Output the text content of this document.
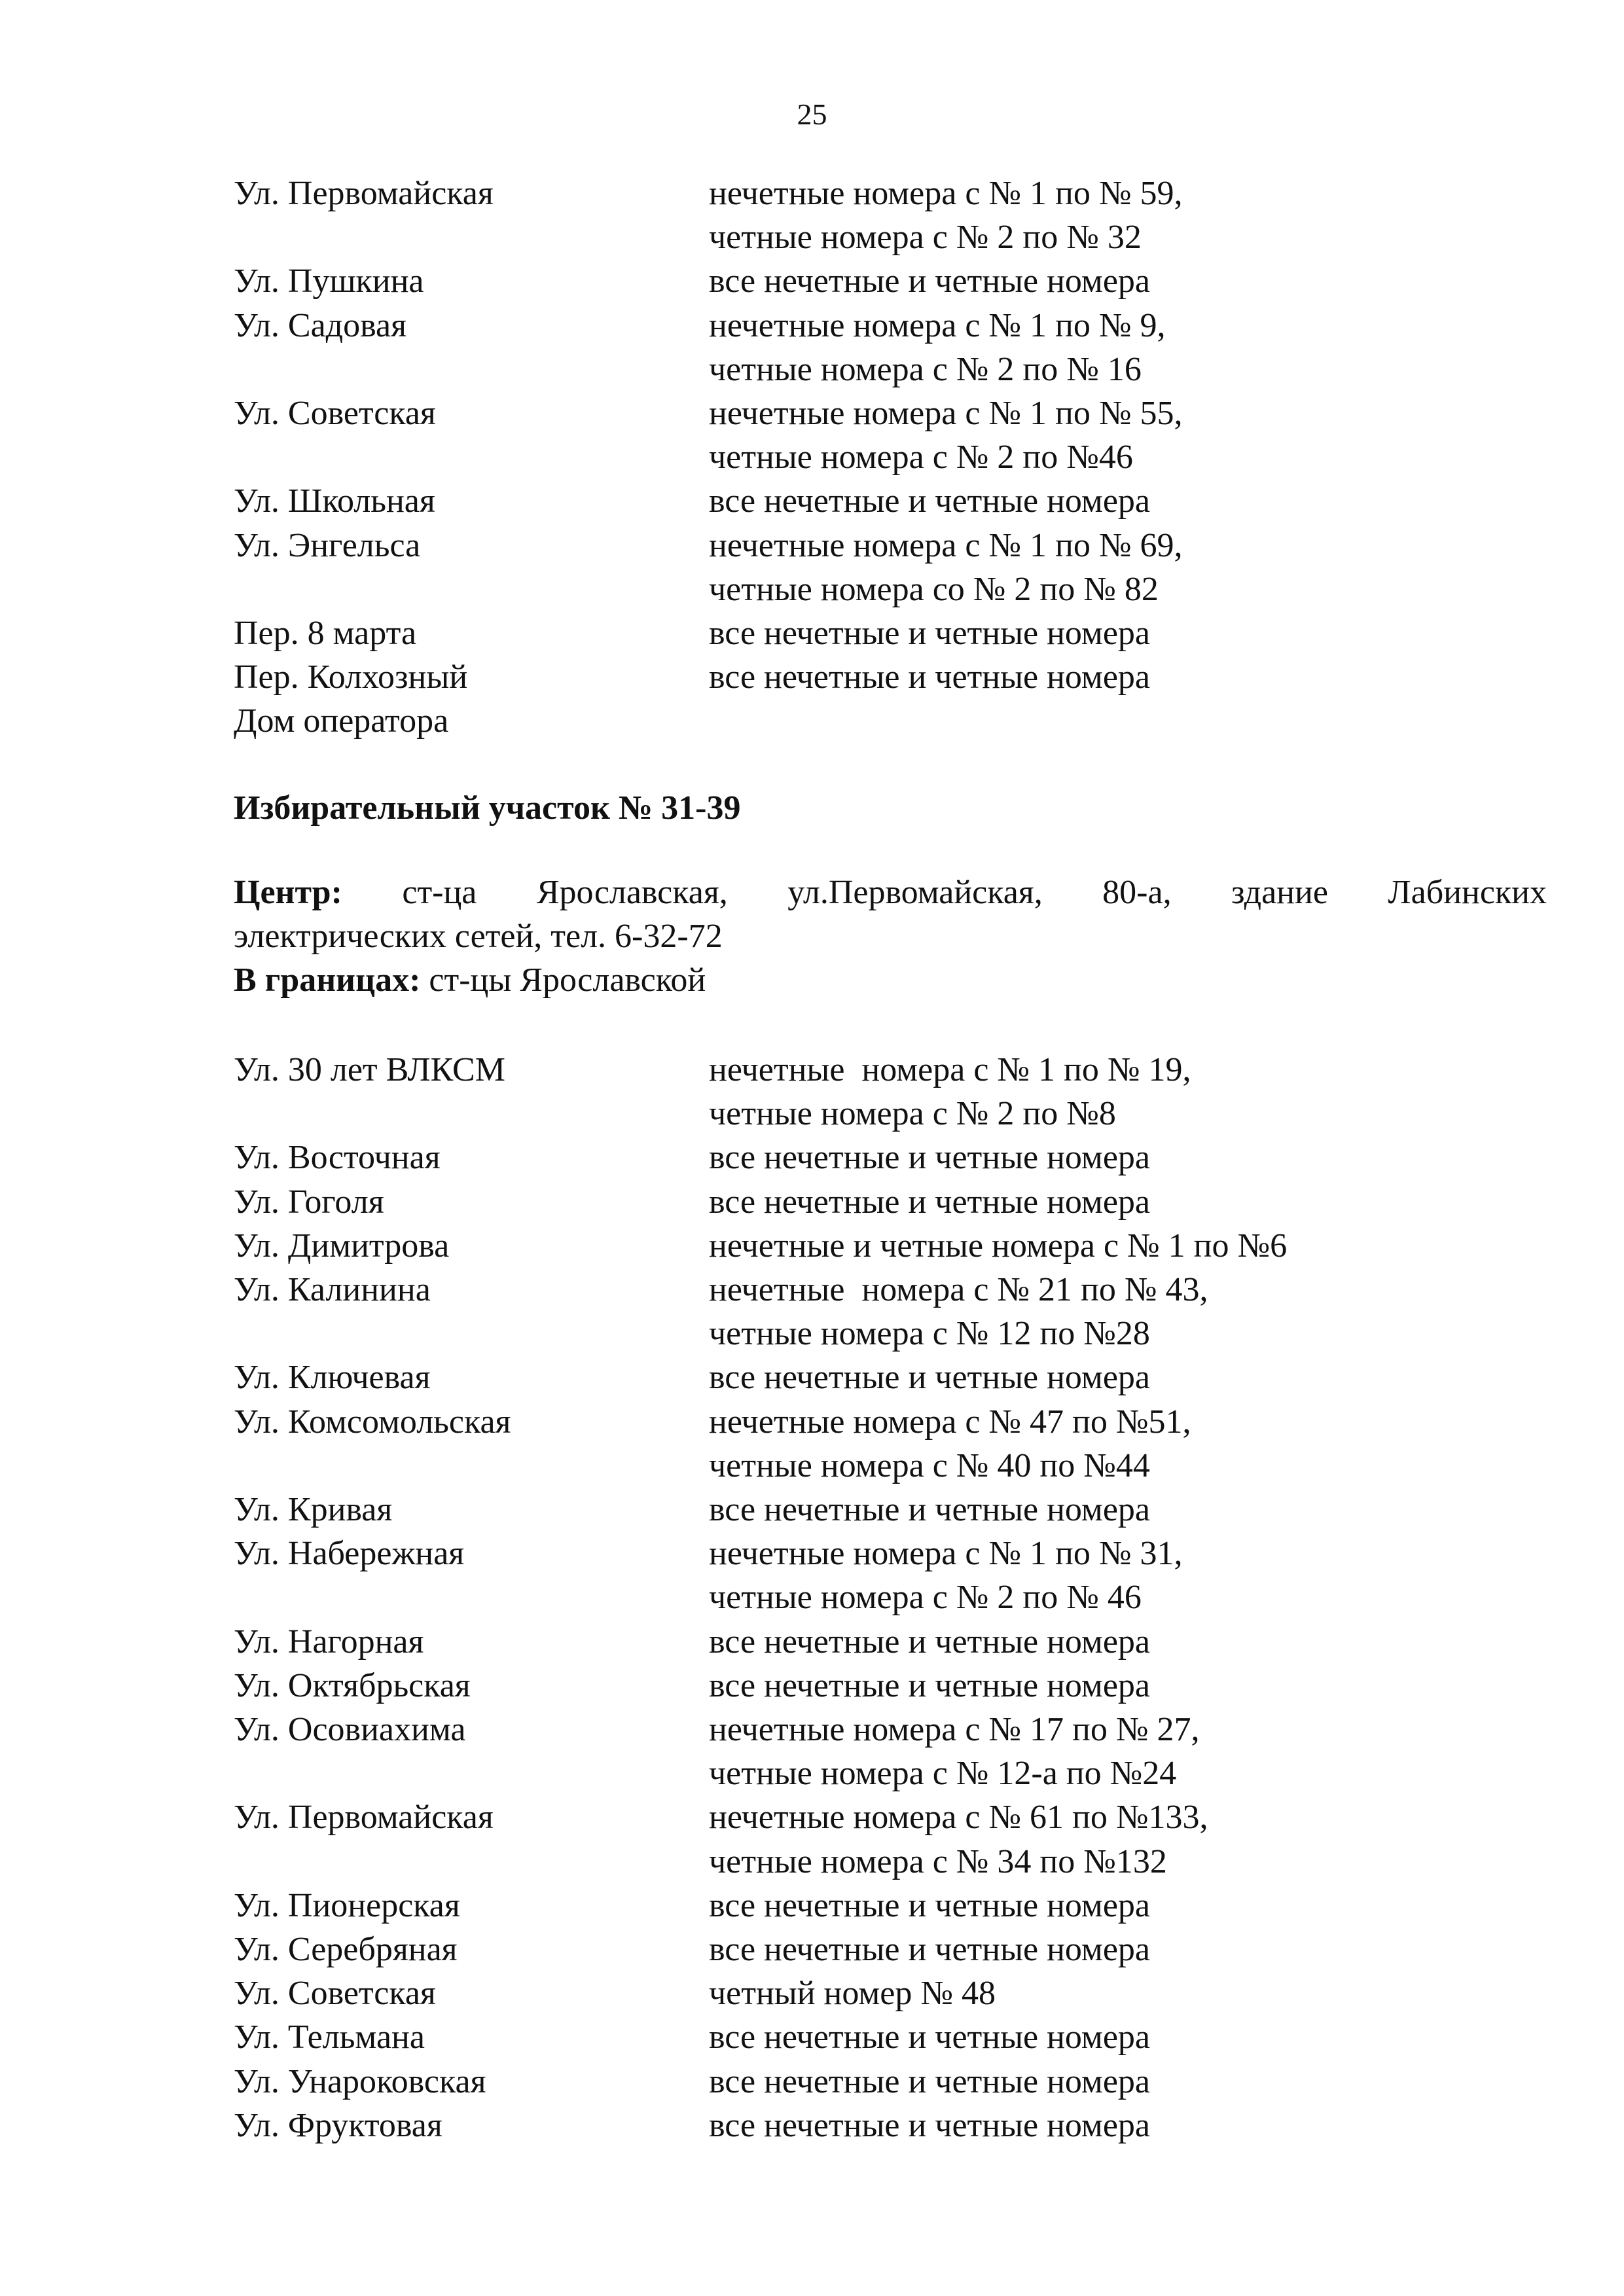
25
Ул. Первомайская	нечетные номера с № 1 по № 59,
четные номера с № 2 по № 32
Ул. Пушкина	все нечетные и четные номера
Ул. Садовая	нечетные номера с № 1 по № 9,
четные номера с № 2 по № 16
Ул. Советская	нечетные номера с № 1 по № 55,
четные номера с № 2 по №46
Ул. Школьная	все нечетные и четные номера
Ул. Энгельса	нечетные номера с № 1 по № 69,
четные номера со № 2 по № 82
Пер. 8 марта	все нечетные и четные номера
Пер. Колхозный	все нечетные и четные номера
Дом оператора
Избирательный участок № 31-39
Центр: ст-ца Ярославская, ул.Первомайская, 80-а, здание Лабинских
электрических сетей, тел. 6-32-72
В границах: ст-цы Ярославской
Ул. 30 лет ВЛКСМ	нечетные  номера с № 1 по № 19,
четные номера с № 2 по №8
Ул. Восточная	все нечетные и четные номера
Ул. Гоголя	все нечетные и четные номера
Ул. Димитрова	нечетные и четные номера с № 1 по №6
Ул. Калинина	нечетные  номера с № 21 по № 43,
четные номера с № 12 по №28
Ул. Ключевая	все нечетные и четные номера
Ул. Комсомольская	нечетные номера с № 47 по №51,
четные номера с № 40 по №44
Ул. Кривая	все нечетные и четные номера
Ул. Набережная	нечетные номера с № 1 по № 31,
четные номера с № 2 по № 46
Ул. Нагорная	все нечетные и четные номера
Ул. Октябрьская	все нечетные и четные номера
Ул. Осовиахима	нечетные номера с № 17 по № 27,
четные номера с № 12-а по №24
Ул. Первомайская	нечетные номера с № 61 по №133,
четные номера с № 34 по №132
Ул. Пионерская	все нечетные и четные номера
Ул. Серебряная	все нечетные и четные номера
Ул. Советская	четный номер № 48
Ул. Тельмана	все нечетные и четные номера
Ул. Унароковская	все нечетные и четные номера
Ул. Фруктовая	все нечетные и четные номера
